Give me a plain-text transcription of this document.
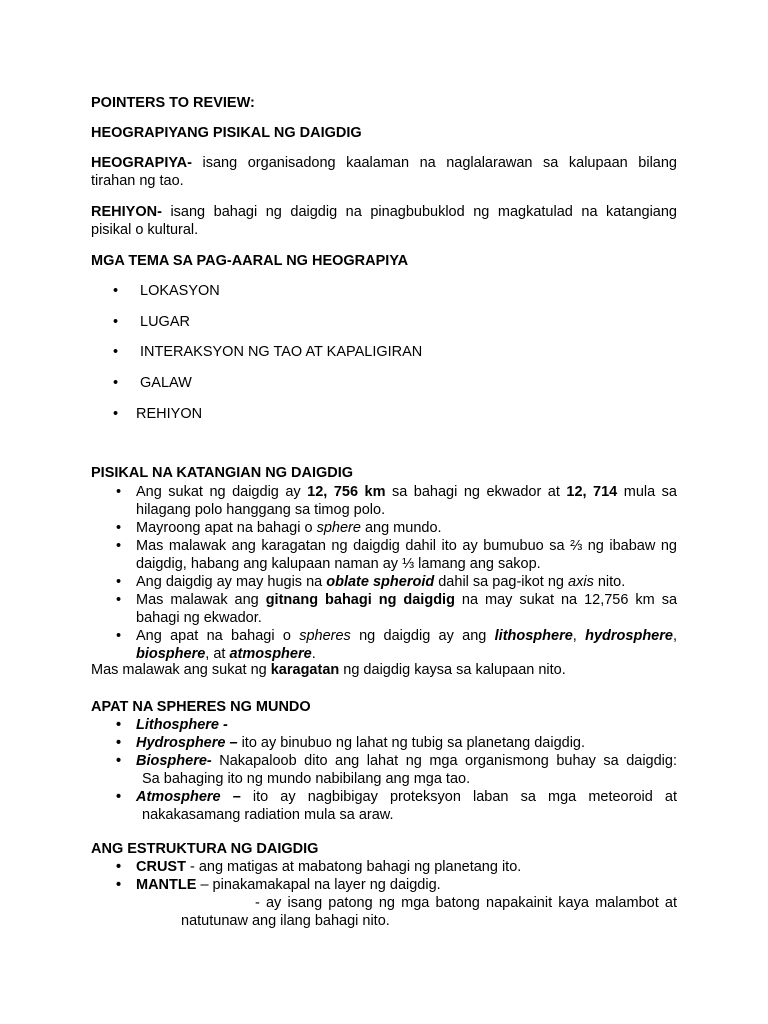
POINTERS TO REVIEW:
HEOGRAPIYANG PISIKAL NG DAIGDIG
HEOGRAPIYA- isang organisadong kaalaman na naglalarawan sa kalupaan bilang
tirahan ng tao.
REHIYON- isang bahagi ng daigdig na pinagbubuklod ng magkatulad na katangiang
pisikal o kultural.
MGA TEMA SA PAG-AARAL NG HEOGRAPIYA
• LOKASYON
• LUGAR
• INTERAKSYON NG TAO AT KAPALIGIRAN
• GALAW
• REHIYON
PISIKAL NA KATANGIAN NG DAIGDIG
• Ang sukat ng daigdig ay 12, 756 km sa bahagi ng ekwador at 12, 714 mula sa
hilagang polo hanggang sa timog polo.
• Mayroong apat na bahagi o sphere ang mundo.
• Mas malawak ang karagatan ng daigdig dahil ito ay bumubuo sa ⅔ ng ibabaw ng
daigdig, habang ang kalupaan naman ay ⅓ lamang ang sakop.
• Ang daigdig ay may hugis na oblate spheroid dahil sa pag-ikot ng axis nito.
• Mas malawak ang gitnang bahagi ng daigdig na may sukat na 12,756 km sa
bahagi ng ekwador.
• Ang apat na bahagi o spheres ng daigdig ay ang lithosphere, hydrosphere,
biosphere, at atmosphere.
Mas malawak ang sukat ng karagatan ng daigdig kaysa sa kalupaan nito.
APAT NA SPHERES NG MUNDO
• Lithosphere -
• Hydrosphere – ito ay binubuo ng lahat ng tubig sa planetang daigdig.
• Biosphere- Nakapaloob dito ang lahat ng mga organismong buhay sa daigdig:
Sa bahaging ito ng mundo nabibilang ang mga tao.
• Atmosphere – ito ay nagbibigay proteksyon laban sa mga meteoroid at
nakakasamang radiation mula sa araw.
ANG ESTRUKTURA NG DAIGDIG
• CRUST - ang matigas at mabatong bahagi ng planetang ito.
• MANTLE – pinakamakapal na layer ng daigdig.
- ay isang patong ng mga batong napakainit kaya malambot at
natutunaw ang ilang bahagi nito.
